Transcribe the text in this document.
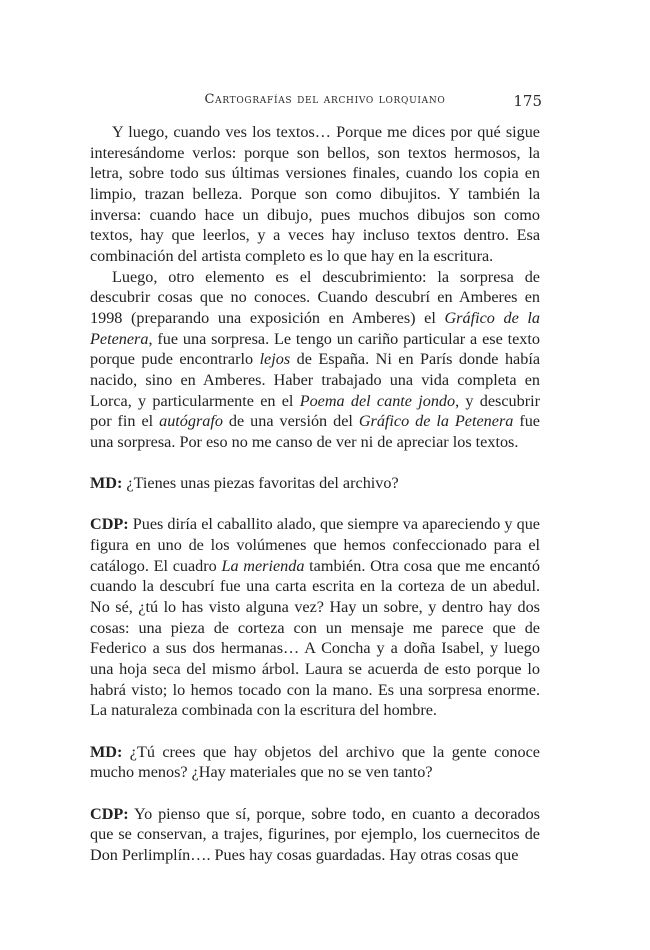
Cartografías del archivo lorquiano	175

Y luego, cuando ves los textos… Porque me dices por qué sigue interesándome verlos: porque son bellos, son textos hermosos, la letra, sobre todo sus últimas versiones finales, cuando los copia en limpio, trazan belleza. Porque son como dibujitos. Y también la inversa: cuando hace un dibujo, pues muchos dibujos son como textos, hay que leerlos, y a veces hay incluso textos dentro. Esa combinación del artista completo es lo que hay en la escritura.

Luego, otro elemento es el descubrimiento: la sorpresa de descubrir cosas que no conoces. Cuando descubrí en Amberes en 1998 (preparando una exposición en Amberes) el Gráfico de la Petenera, fue una sorpresa. Le tengo un cariño particular a ese texto porque pude encontrarlo lejos de España. Ni en París donde había nacido, sino en Amberes. Haber trabajado una vida completa en Lorca, y particularmente en el Poema del cante jondo, y descubrir por fin el autógrafo de una versión del Gráfico de la Petenera fue una sorpresa. Por eso no me canso de ver ni de apreciar los textos.

MD: ¿Tienes unas piezas favoritas del archivo?

CDP: Pues diría el caballito alado, que siempre va apareciendo y que figura en uno de los volúmenes que hemos confeccionado para el catálogo. El cuadro La merienda también. Otra cosa que me encantó cuando la descubrí fue una carta escrita en la corteza de un abedul. No sé, ¿tú lo has visto alguna vez? Hay un sobre, y dentro hay dos cosas: una pieza de corteza con un mensaje me parece que de Federico a sus dos hermanas… A Concha y a doña Isabel, y luego una hoja seca del mismo árbol. Laura se acuerda de esto porque lo habrá visto; lo hemos tocado con la mano. Es una sorpresa enorme. La naturaleza combinada con la escritura del hombre.

MD: ¿Tú crees que hay objetos del archivo que la gente conoce mucho menos? ¿Hay materiales que no se ven tanto?

CDP: Yo pienso que sí, porque, sobre todo, en cuanto a decorados que se conservan, a trajes, figurines, por ejemplo, los cuernecitos de Don Perlimplín…. Pues hay cosas guardadas. Hay otras cosas que
